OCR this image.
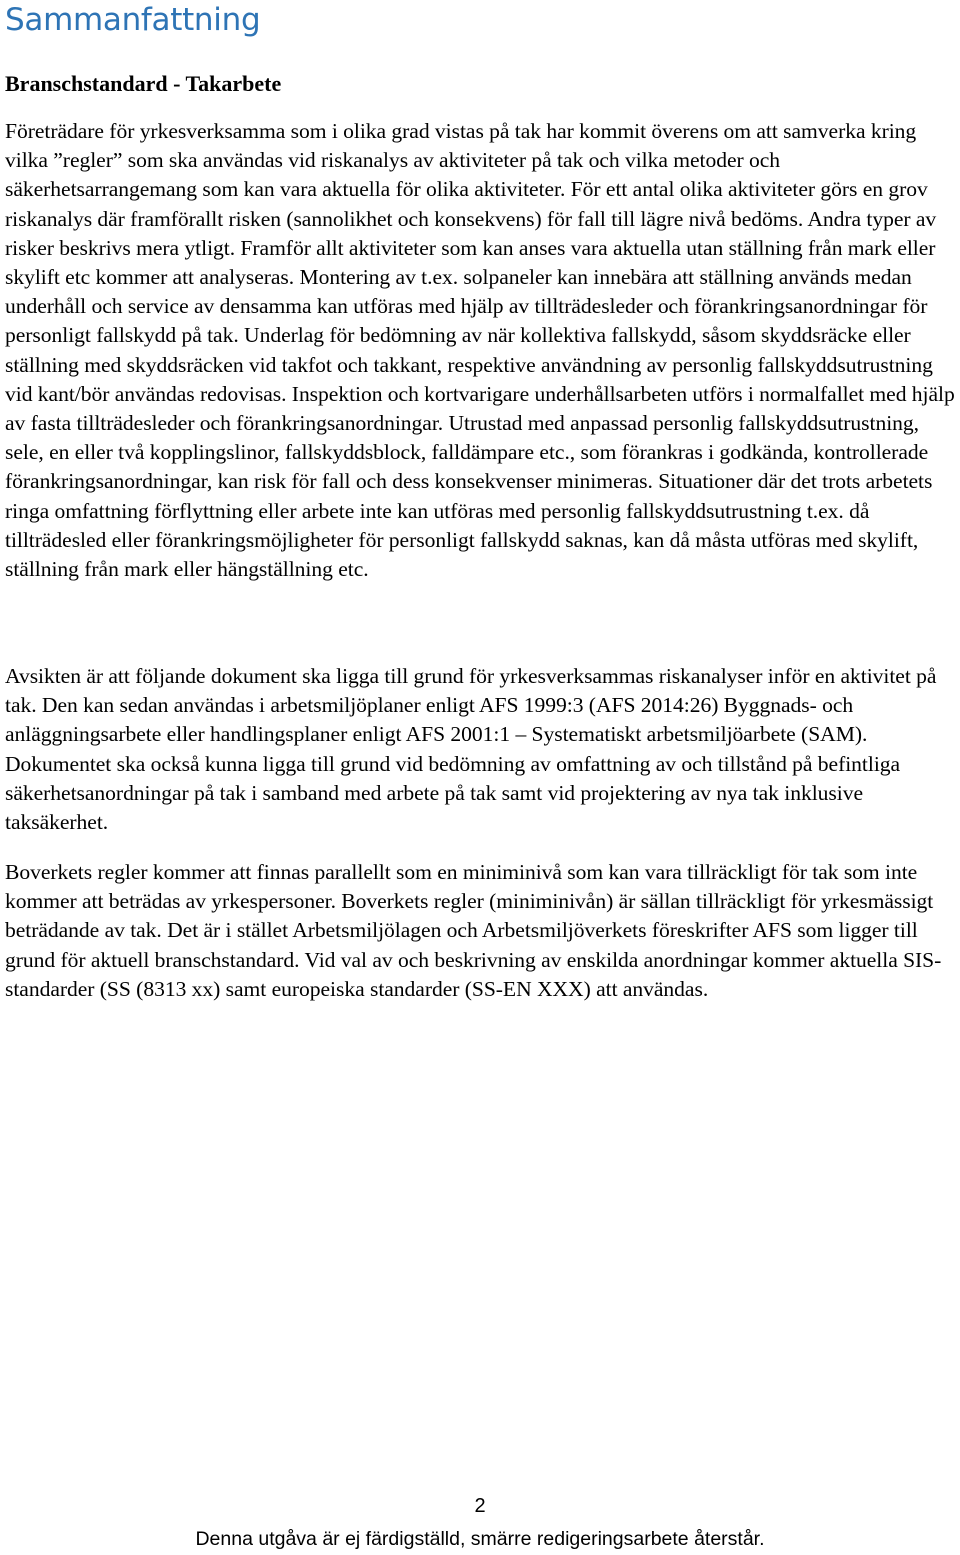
Sammanfattning
Branschstandard - Takarbete

Företrädare för yrkesverksamma som i olika grad vistas på tak har kommit överens om att samverka kring vilka ”regler” som ska användas vid riskanalys av aktiviteter på tak och vilka metoder och säkerhetsarrangemang som kan vara aktuella för olika aktiviteter. För ett antal olika aktiviteter görs en grov riskanalys där framförallt risken (sannolikhet och konsekvens) för fall till lägre nivå bedöms. Andra typer av risker beskrivs mera ytligt. Framför allt aktiviteter som kan anses vara aktuella utan ställning från mark eller skylift etc kommer att analyseras. Montering av t.ex. solpaneler kan innebära att ställning används medan underhåll och service av densamma kan utföras med hjälp av tillträdesleder och förankringsanordningar för personligt fallskydd på tak. Underlag för bedömning av när kollektiva fallskydd, såsom skyddsräcke eller ställning med skyddsräcken vid takfot och takkant, respektive användning av personlig fallskyddsutrustning vid kant/bör användas redovisas. Inspektion och kortvarigare underhållsarbeten utförs i normalfallet med hjälp av fasta tillträdesleder och förankringsanordningar. Utrustad med anpassad personlig fallskyddsutrustning, sele, en eller två kopplingslinor, fallskyddsblock, falldämpare etc., som förankras i godkända, kontrollerade förankringsanordningar, kan risk för fall och dess konsekvenser minimeras. Situationer där det trots arbetets ringa omfattning förflyttning eller arbete inte kan utföras med personlig fallskyddsutrustning t.ex. då tillträdesled eller förankringsmöjligheter för personligt fallskydd saknas, kan då måsta utföras med skylift, ställning från mark eller hängställning etc.

Avsikten är att följande dokument ska ligga till grund för yrkesverksammas riskanalyser inför en aktivitet på tak. Den kan sedan användas i arbetsmiljöplaner enligt AFS 1999:3 (AFS 2014:26) Byggnads- och anläggningsarbete eller handlingsplaner enligt AFS 2001:1 – Systematiskt arbetsmiljöarbete (SAM). Dokumentet ska också kunna ligga till grund vid bedömning av omfattning av och tillstånd på befintliga säkerhetsanordningar på tak i samband med arbete på tak samt vid projektering av nya tak inklusive taksäkerhet.

Boverkets regler kommer att finnas parallellt som en miniminivå som kan vara tillräckligt för tak som inte kommer att beträdas av yrkespersoner. Boverkets regler (miniminivån) är sällan tillräckligt för yrkesmässigt beträdande av tak. Det är i stället Arbetsmiljölagen och Arbetsmiljöverkets föreskrifter AFS som ligger till grund för aktuell branschstandard. Vid val av och beskrivning av enskilda anordningar kommer aktuella SIS-standarder (SS (8313 xx) samt europeiska standarder (SS-EN XXX) att användas.

2
Denna utgåva är ej färdigställd, smärre redigeringsarbete återstår.
